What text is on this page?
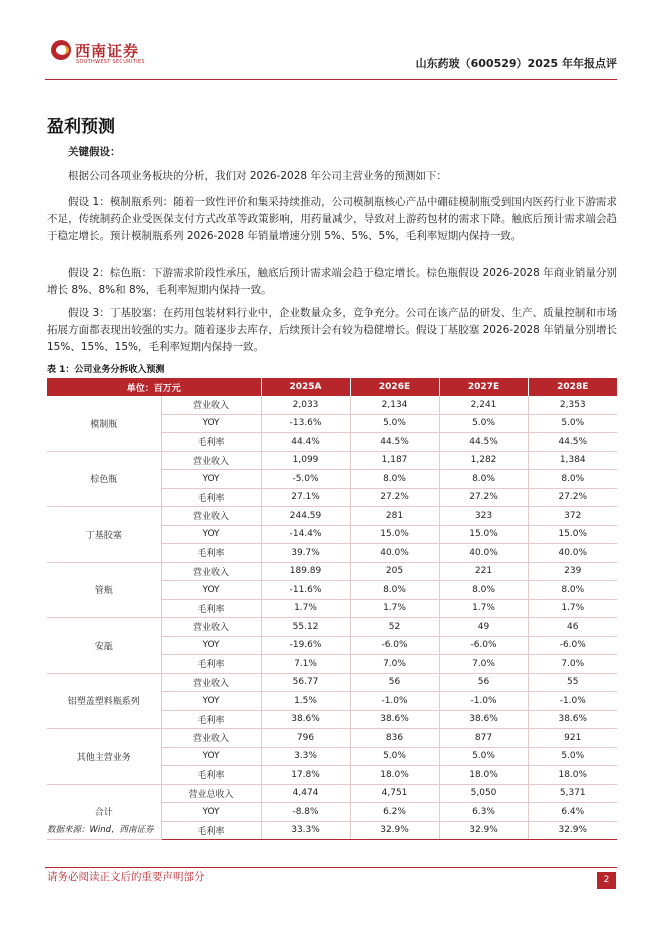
西南证券
SOUTHWEST SECURITIES	山东药玻（600529）2025 年年报点评
盈利预测
关键假设：
根据公司各项业务板块的分析，我们对 2026-2028 年公司主营业务的预测如下：
假设 1：模制瓶系列：随着一致性评价和集采持续推动，公司模制瓶核心产品中硼硅模制瓶受到国内医药行业下游需求不足，传统制药企业受医保支付方式改革等政策影响，用药量减少，导致对上游药包材的需求下降。触底后预计需求端会趋于稳定增长。预计模制瓶系列 2026-2028 年销量增速分别 5%、5%、5%，毛利率短期内保持一致。
假设 2：棕色瓶：下游需求阶段性承压，触底后预计需求端会趋于稳定增长。棕色瓶假设 2026-2028 年商业销量分别增长 8%、8%和 8%，毛利率短期内保持一致。
假设 3：丁基胶塞：在药用包装材料行业中，企业数量众多，竞争充分。公司在该产品的研发、生产、质量控制和市场拓展方面都表现出较强的实力。随着逐步去库存，后续预计会有较为稳健增长。假设丁基胶塞 2026-2028 年销量分别增长 15%、15%、15%，毛利率短期内保持一致。
表 1：公司业务分拆收入预测
单位：百万元		2025A	2026E	2027E	2028E
模制瓶	营业收入	2,033	2,134	2,241	2,353
	YOY	-13.6%	5.0%	5.0%	5.0%
	毛利率	44.4%	44.5%	44.5%	44.5%
棕色瓶	营业收入	1,099	1,187	1,282	1,384
	YOY	-5.0%	8.0%	8.0%	8.0%
	毛利率	27.1%	27.2%	27.2%	27.2%
丁基胶塞	营业收入	244.59	281	323	372
	YOY	-14.4%	15.0%	15.0%	15.0%
	毛利率	39.7%	40.0%	40.0%	40.0%
管瓶	营业收入	189.89	205	221	239
	YOY	-11.6%	8.0%	8.0%	8.0%
	毛利率	1.7%	1.7%	1.7%	1.7%
安瓿	营业收入	55.12	52	49	46
	YOY	-19.6%	-6.0%	-6.0%	-6.0%
	毛利率	7.1%	7.0%	7.0%	7.0%
铝塑盖塑料瓶系列	营业收入	56.77	56	56	55
	YOY	1.5%	-1.0%	-1.0%	-1.0%
	毛利率	38.6%	38.6%	38.6%	38.6%
其他主营业务	营业收入	796	836	877	921
	YOY	3.3%	5.0%	5.0%	5.0%
	毛利率	17.8%	18.0%	18.0%	18.0%
合计	营业总收入	4,474	4,751	5,050	5,371
	YOY	-8.8%	6.2%	6.3%	6.4%
	毛利率	33.3%	32.9%	32.9%	32.9%
数据来源：Wind，西南证券
请务必阅读正文后的重要声明部分	2
